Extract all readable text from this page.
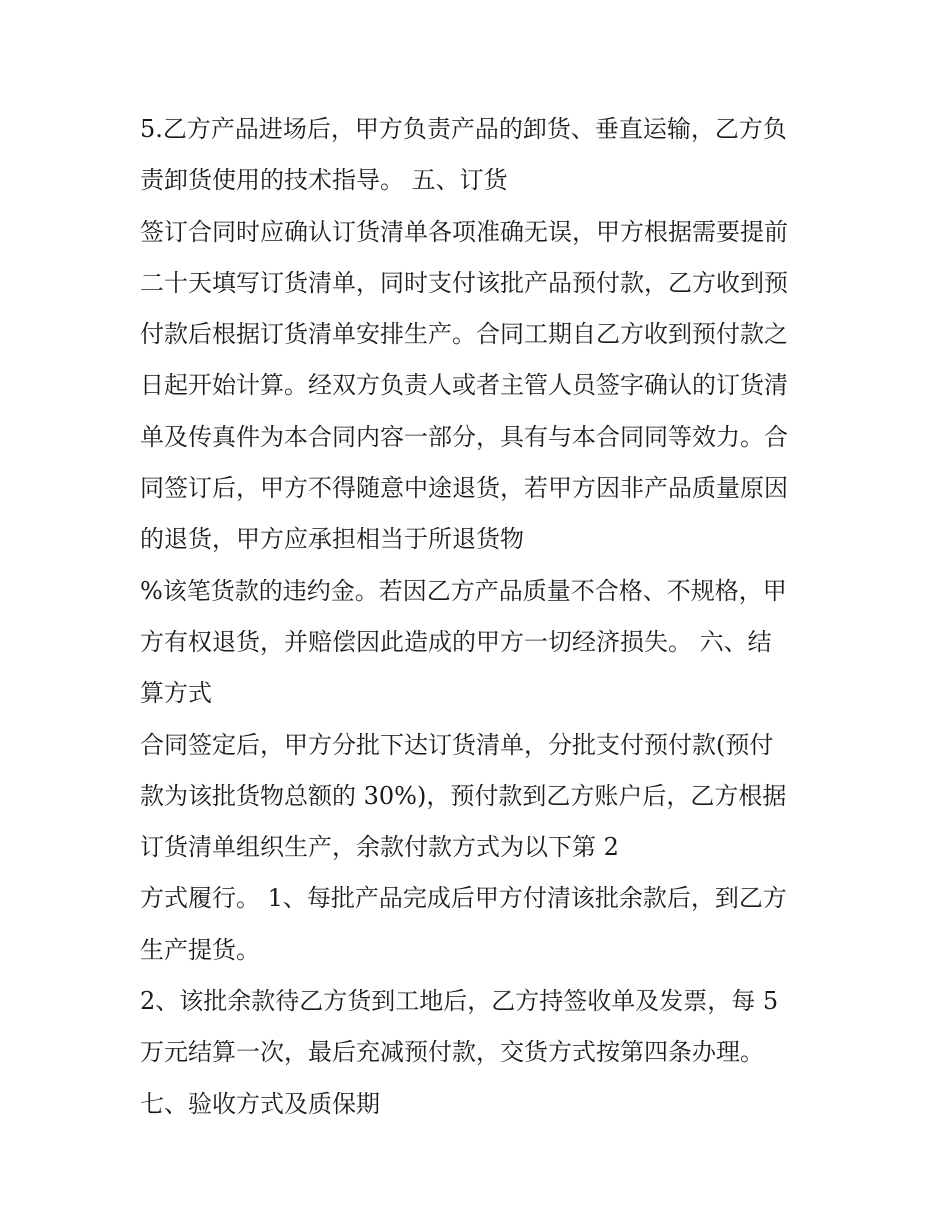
5.乙方产品进场后，甲方负责产品的卸货、垂直运输，乙方负
责卸货使用的技术指导。 五、订货
签订合同时应确认订货清单各项准确无误，甲方根据需要提前
二十天填写订货清单，同时支付该批产品预付款，乙方收到预
付款后根据订货清单安排生产。合同工期自乙方收到预付款之
日起开始计算。经双方负责人或者主管人员签字确认的订货清
单及传真件为本合同内容一部分，具有与本合同同等效力。合
同签订后，甲方不得随意中途退货，若甲方因非产品质量原因
的退货，甲方应承担相当于所退货物
%该笔货款的违约金。若因乙方产品质量不合格、不规格，甲
方有权退货，并赔偿因此造成的甲方一切经济损失。 六、结
算方式
合同签定后，甲方分批下达订货清单，分批支付预付款(预付
款为该批货物总额的 30%)，预付款到乙方账户后，乙方根据
订货清单组织生产，余款付款方式为以下第 2
方式履行。 1、每批产品完成后甲方付清该批余款后，到乙方
生产提货。
2、该批余款待乙方货到工地后，乙方持签收单及发票，每 5
万元结算一次，最后充减预付款，交货方式按第四条办理。
七、验收方式及质保期
